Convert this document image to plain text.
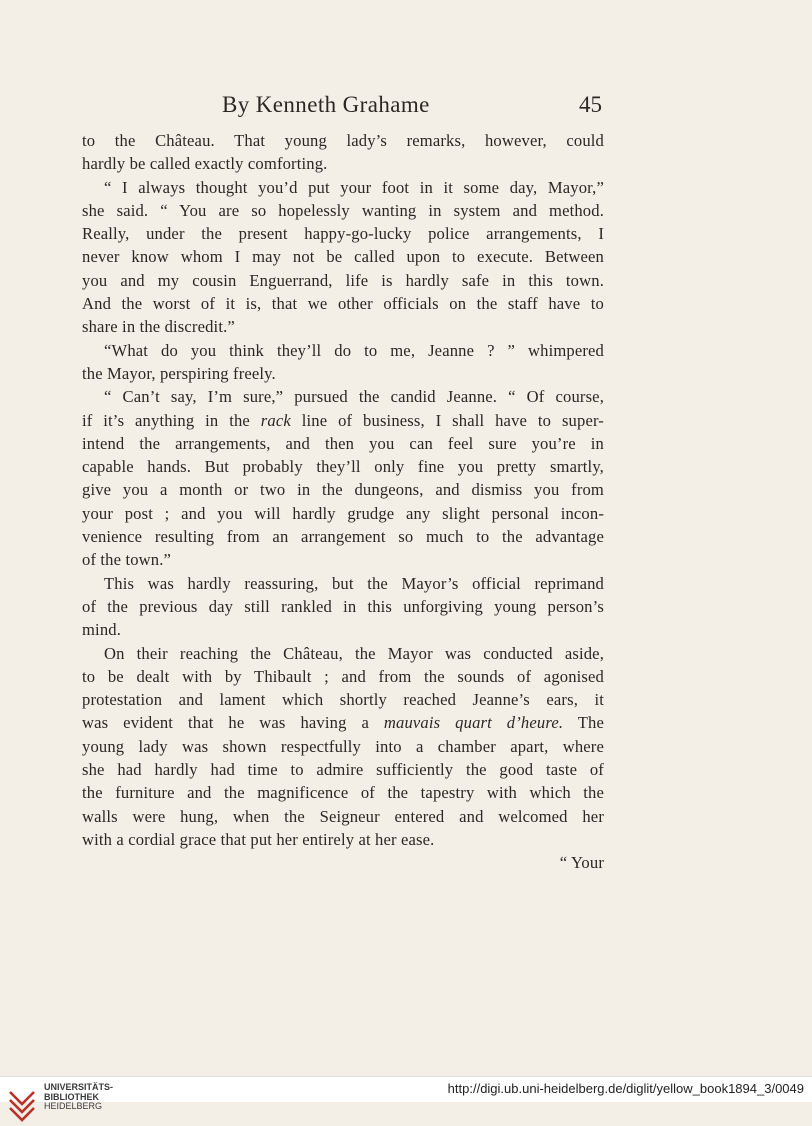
By Kenneth Grahame	45
to the Château. That young lady’s remarks, however, could
hardly be called exactly comforting.
“ I always thought you’d put your foot in it some day, Mayor,”
she said. “ You are so hopelessly wanting in system and method.
Really, under the present happy-go-lucky police arrangements, I
never know whom I may not be called upon to execute. Between
you and my cousin Enguerrand, life is hardly safe in this town.
And the worst of it is, that we other officials on the staff have to
share in the discredit.”
“What do you think they’ll do to me, Jeanne ? ” whimpered
the Mayor, perspiring freely.
“ Can’t say, I’m sure,” pursued the candid Jeanne. “ Of course,
if it’s anything in the rack line of business, I shall have to super-
intend the arrangements, and then you can feel sure you’re in
capable hands. But probably they’ll only fine you pretty smartly,
give you a month or two in the dungeons, and dismiss you from
your post ; and you will hardly grudge any slight personal incon-
venience resulting from an arrangement so much to the advantage
of the town.”
This was hardly reassuring, but the Mayor’s official reprimand
of the previous day still rankled in this unforgiving young person’s
mind.
On their reaching the Château, the Mayor was conducted aside,
to be dealt with by Thibault ; and from the sounds of agonised
protestation and lament which shortly reached Jeanne’s ears, it
was evident that he was having a mauvais quart d’heure. The
young lady was shown respectfully into a chamber apart, where
she had hardly had time to admire sufficiently the good taste of
the furniture and the magnificence of the tapestry with which the
walls were hung, when the Seigneur entered and welcomed her
with a cordial grace that put her entirely at her ease.
“ Your
UNIVERSITÄTS-
BIBLIOTHEK
HEIDELBERG
http://digi.ub.uni-heidelberg.de/diglit/yellow_book1894_3/0049
